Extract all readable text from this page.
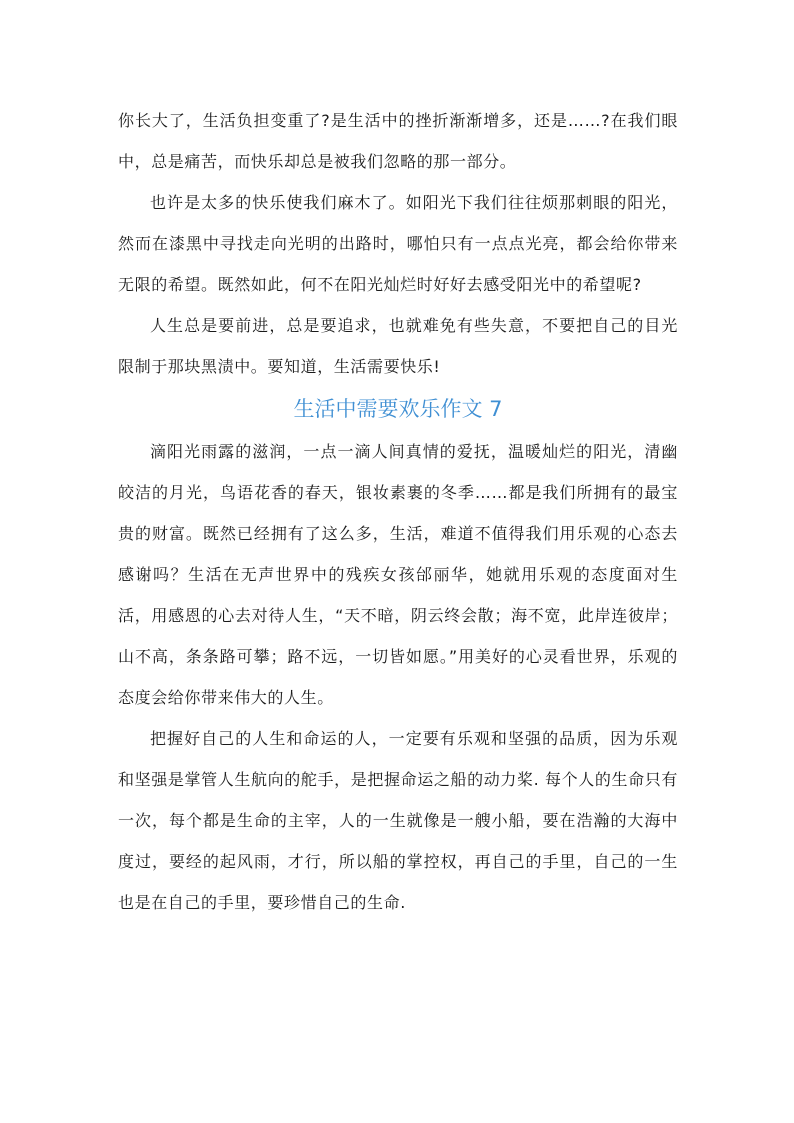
你长大了，生活负担变重了?是生活中的挫折渐渐增多，还是……?在我们眼中，总是痛苦，而快乐却总是被我们忽略的那一部分。

也许是太多的快乐使我们麻木了。如阳光下我们往往烦那刺眼的阳光，然而在漆黑中寻找走向光明的出路时，哪怕只有一点点光亮，都会给你带来无限的希望。既然如此，何不在阳光灿烂时好好去感受阳光中的希望呢?

人生总是要前进，总是要追求，也就难免有些失意，不要把自己的目光限制于那块黑渍中。要知道，生活需要快乐!

生活中需要欢乐作文 7

滴阳光雨露的滋润，一点一滴人间真情的爱抚，温暖灿烂的阳光，清幽皎洁的月光，鸟语花香的春天，银妆素裹的冬季……都是我们所拥有的最宝贵的财富。既然已经拥有了这么多，生活，难道不值得我们用乐观的心态去感谢吗？生活在无声世界中的残疾女孩邰丽华，她就用乐观的态度面对生活，用感恩的心去对待人生，“天不暗，阴云终会散；海不宽，此岸连彼岸；山不高，条条路可攀；路不远，一切皆如愿。”用美好的心灵看世界，乐观的态度会给你带来伟大的人生。

把握好自己的人生和命运的人，一定要有乐观和坚强的品质，因为乐观和坚强是掌管人生航向的舵手，是把握命运之船的动力桨. 每个人的生命只有一次，每个都是生命的主宰，人的一生就像是一艘小船，要在浩瀚的大海中度过，要经的起风雨，才行，所以船的掌控权，再自己的手里，自己的一生也是在自己的手里，要珍惜自己的生命.
